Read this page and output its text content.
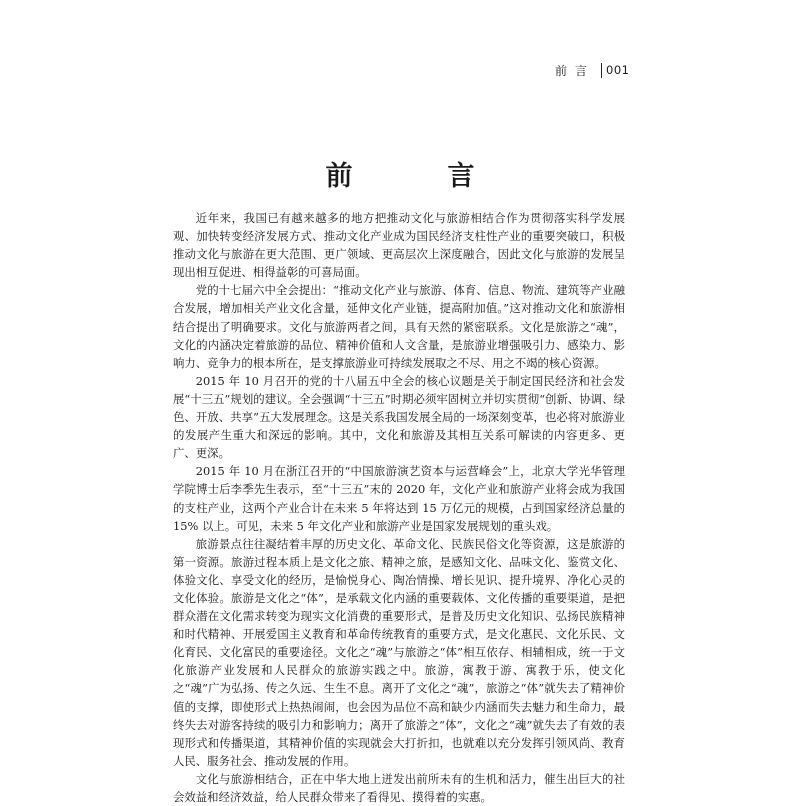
前言 001
前　言

近年来，我国已有越来越多的地方把推动文化与旅游相结合作为贯彻落实科学发展观、加快转变经济发展方式、推动文化产业成为国民经济支柱性产业的重要突破口，积极推动文化与旅游在更大范围、更广领域、更高层次上深度融合，因此文化与旅游的发展呈现出相互促进、相得益彰的可喜局面。

党的十七届六中全会提出：“推动文化产业与旅游、体育、信息、物流、建筑等产业融合发展，增加相关产业文化含量，延伸文化产业链，提高附加值。”这对推动文化和旅游相结合提出了明确要求。文化与旅游两者之间，具有天然的紧密联系。文化是旅游之“魂”，文化的内涵决定着旅游的品位、精神价值和人文含量，是旅游业增强吸引力、感染力、影响力、竞争力的根本所在，是支撑旅游业可持续发展取之不尽、用之不竭的核心资源。

2015 年 10 月召开的党的十八届五中全会的核心议题是关于制定国民经济和社会发展“十三五”规划的建议。全会强调“十三五”时期必须牢固树立并切实贯彻“创新、协调、绿色、开放、共享”五大发展理念。这是关系我国发展全局的一场深刻变革，也必将对旅游业的发展产生重大和深远的影响。其中，文化和旅游及其相互关系可解读的内容更多、更广、更深。

2015 年 10 月在浙江召开的“中国旅游演艺资本与运营峰会”上，北京大学光华管理学院博士后李季先生表示，至“十三五”末的 2020 年，文化产业和旅游产业将会成为我国的支柱产业，这两个产业合计在未来 5 年将达到 15 万亿元的规模，占到国家经济总量的 15% 以上。可见，未来 5 年文化产业和旅游产业是国家发展规划的重头戏。

旅游景点往往凝结着丰厚的历史文化、革命文化、民族民俗文化等资源，这是旅游的第一资源。旅游过程本质上是文化之旅、精神之旅，是感知文化、品味文化、鉴赏文化、体验文化、享受文化的经历，是愉悦身心、陶冶情操、增长见识、提升境界、净化心灵的文化体验。旅游是文化之“体”，是承载文化内涵的重要载体、文化传播的重要渠道，是把群众潜在文化需求转变为现实文化消费的重要形式，是普及历史文化知识、弘扬民族精神和时代精神、开展爱国主义教育和革命传统教育的重要方式，是文化惠民、文化乐民、文化育民、文化富民的重要途径。文化之“魂”与旅游之“体”相互依存、相辅相成，统一于文化旅游产业发展和人民群众的旅游实践之中。旅游，寓教于游、寓教于乐，使文化之“魂”广为弘扬、传之久远、生生不息。离开了文化之“魂”，旅游之“体”就失去了精神价值的支撑，即使形式上热热闹闹，也会因为品位不高和缺少内涵而失去魅力和生命力，最终失去对游客持续的吸引力和影响力；离开了旅游之“体”，文化之“魂”就失去了有效的表现形式和传播渠道，其精神价值的实现就会大打折扣，也就难以充分发挥引领风尚、教育人民、服务社会、推动发展的作用。

文化与旅游相结合，正在中华大地上迸发出前所未有的生机和活力，催生出巨大的社会效益和经济效益，给人民群众带来了看得见、摸得着的实惠。
